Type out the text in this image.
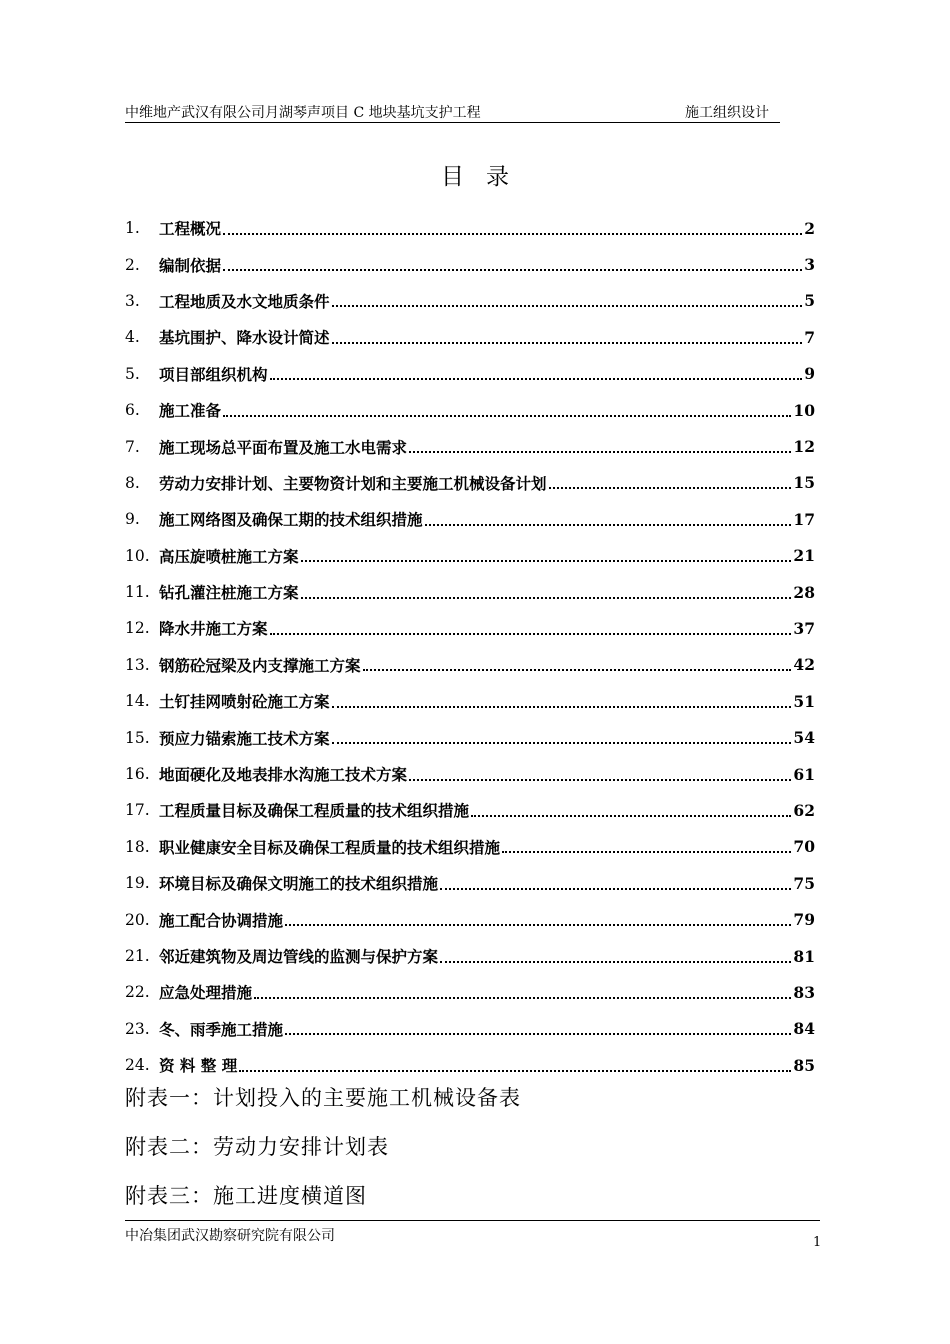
中维地产武汉有限公司月湖琴声项目 C 地块基坑支护工程	施工组织设计
目录
1.	工程概况	2
2.	编制依据	3
3.	工程地质及水文地质条件	5
4.	基坑围护、降水设计简述	7
5.	项目部组织机构	9
6.	施工准备	10
7.	施工现场总平面布置及施工水电需求	12
8.	劳动力安排计划、主要物资计划和主要施工机械设备计划	15
9.	施工网络图及确保工期的技术组织措施	17
10. 高压旋喷桩施工方案	21
11. 钻孔灌注桩施工方案	28
12. 降水井施工方案	37
13. 钢筋砼冠梁及内支撑施工方案	42
14. 土钉挂网喷射砼施工方案	51
15. 预应力锚索施工技术方案	54
16. 地面硬化及地表排水沟施工技术方案	61
17. 工程质量目标及确保工程质量的技术组织措施	62
18. 职业健康安全目标及确保工程质量的技术组织措施	70
19. 环境目标及确保文明施工的技术组织措施	75
20. 施工配合协调措施	79
21. 邻近建筑物及周边管线的监测与保护方案	81
22. 应急处理措施	83
23. 冬、雨季施工措施	84
24. 资 料 整 理	85
附表一：计划投入的主要施工机械设备表
附表二：劳动力安排计划表
附表三：施工进度横道图
中冶集团武汉勘察研究院有限公司	1
